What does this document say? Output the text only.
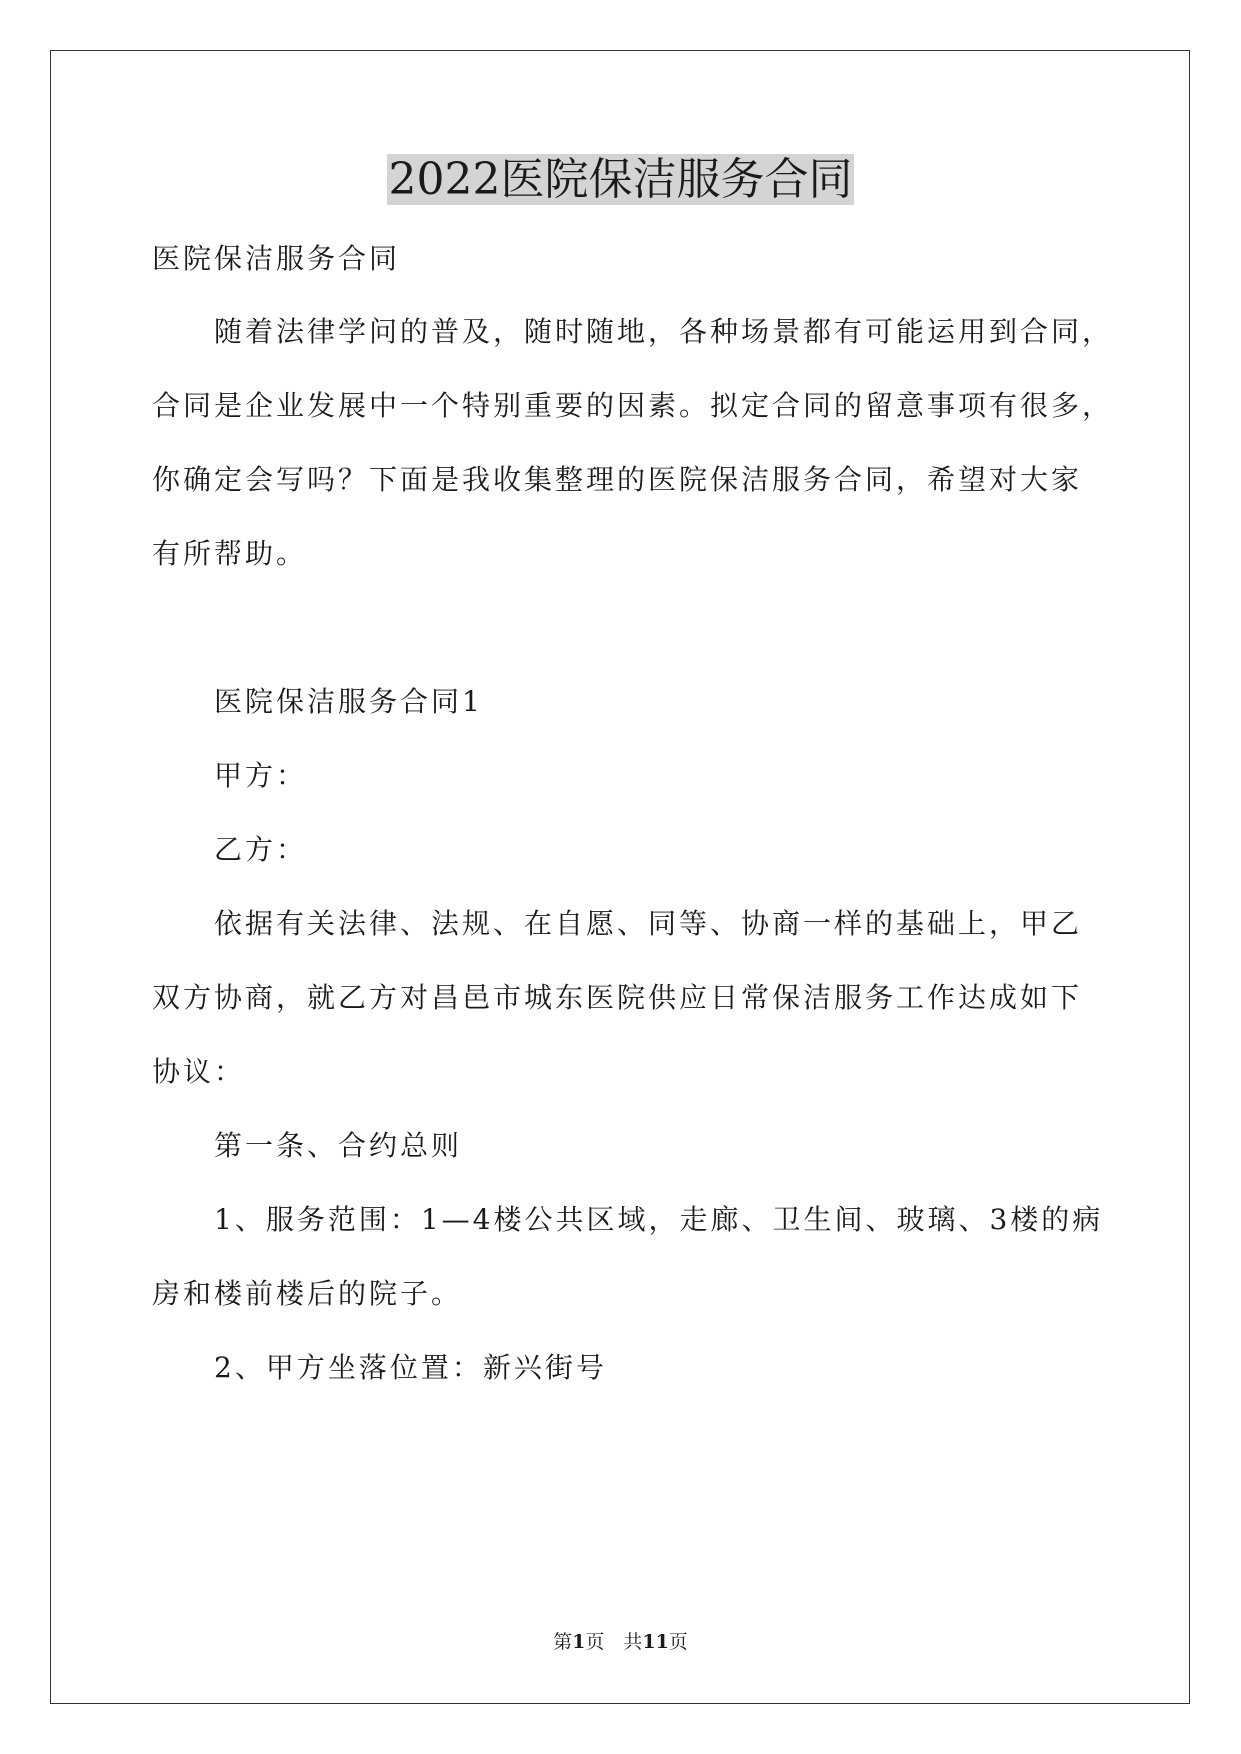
2022医院保洁服务合同
医院保洁服务合同
随着法律学问的普及，随时随地，各种场景都有可能运用到合同，
合同是企业发展中一个特别重要的因素。拟定合同的留意事项有很多，
你确定会写吗？下面是我收集整理的医院保洁服务合同，希望对大家
有所帮助。
医院保洁服务合同1
甲方：
乙方：
依据有关法律、法规、在自愿、同等、协商一样的基础上，甲乙
双方协商，就乙方对昌邑市城东医院供应日常保洁服务工作达成如下
协议：
第一条、合约总则
1、服务范围：1—4楼公共区域，走廊、卫生间、玻璃、3楼的病
房和楼前楼后的院子。
2、甲方坐落位置：新兴街号
第1页　共11页
